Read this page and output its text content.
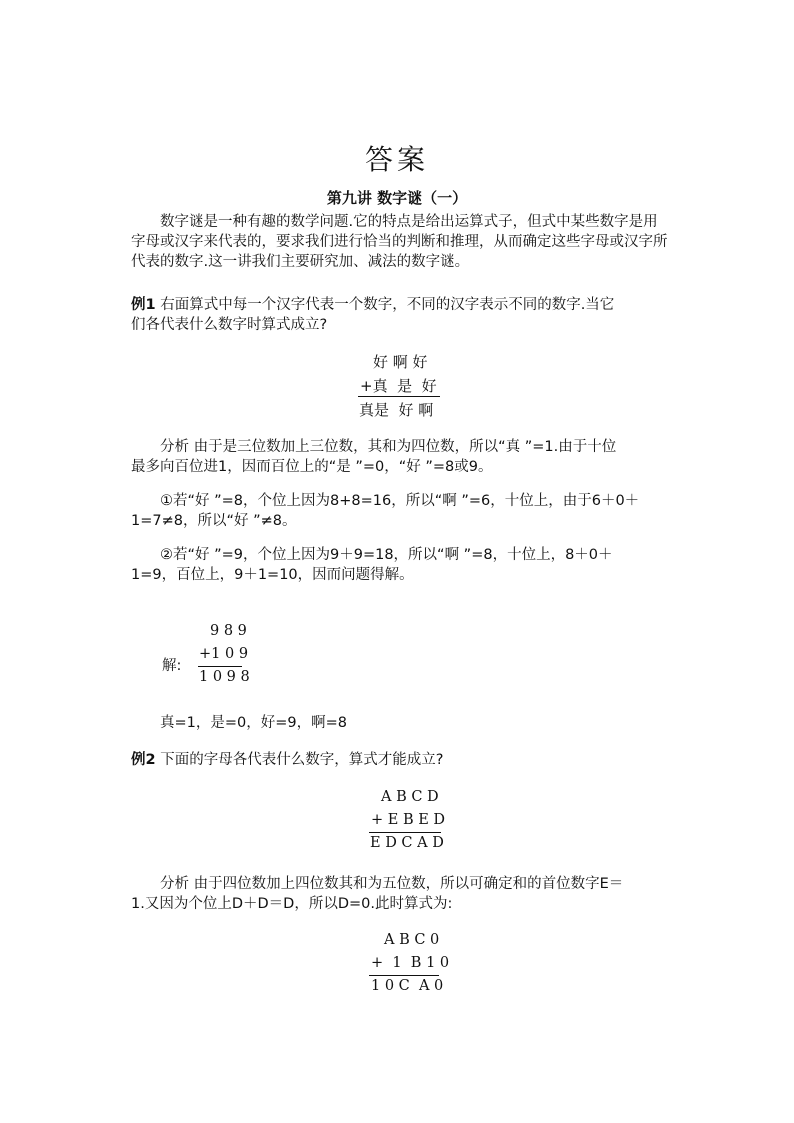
答案
第九讲 数字谜（一）
数字谜是一种有趣的数学问题.它的特点是给出运算式子，但式中某些数字是用字母或汉字来代表的，要求我们进行恰当的判断和推理，从而确定这些字母或汉字所代表的数字.这一讲我们主要研究加、减法的数字谜。
例1 右面算式中每一个汉字代表一个数字，不同的汉字表示不同的数字.当它
们各代表什么数字时算式成立?
好 啊 好
+真  是  好
真是  好 啊
分析 由于是三位数加上三位数，其和为四位数，所以“真 ”=1.由于十位
最多向百位进1，因而百位上的“是 ”=0，“好 ”=8或9。
①若“好 ”=8，个位上因为8+8=16，所以“啊 ”=6，十位上，由于6＋0＋
1=7≠8，所以“好 ”≠8。
②若“好 ”=9，个位上因为9＋9=18，所以“啊 ”=8，十位上，8＋0＋
1=9，百位上，9＋1=10，因而问题得解。
9 8 9
解:
+1 0 9
1 0 9 8
真=1，是=0，好=9，啊=8
例2 下面的字母各代表什么数字，算式才能成立?
A B C D
+ E B E D
E D C A D
分析 由于四位数加上四位数其和为五位数，所以可确定和的首位数字E＝
1.又因为个位上D＋D＝D，所以D=0.此时算式为:
A B C 0
+  1  B 1 0
1 0 C  A 0
